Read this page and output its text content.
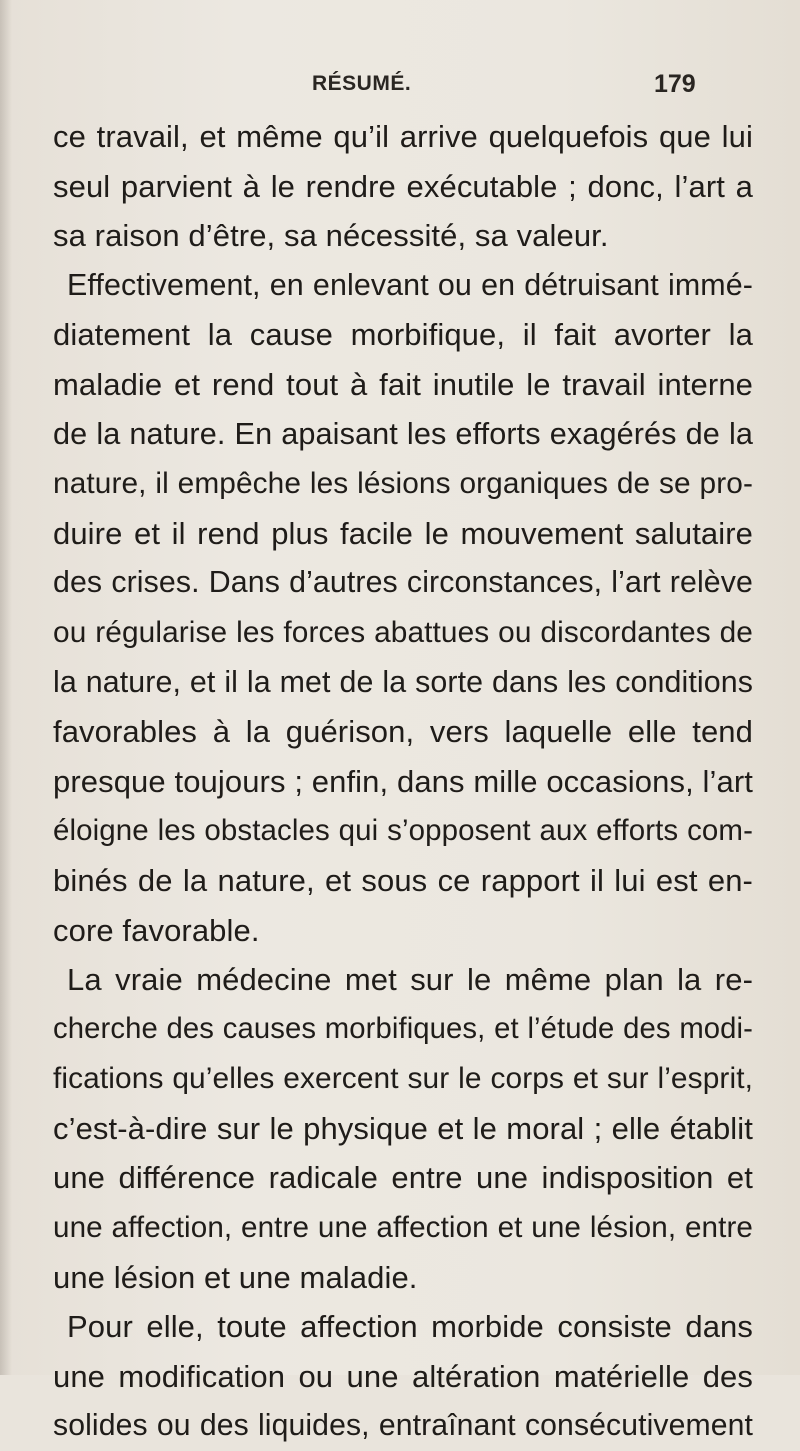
RÉSUMÉ.	179
ce travail, et même qu’il arrive quelquefois que lui
seul parvient à le rendre exécutable ; donc, l’art a
sa raison d’être, sa nécessité, sa valeur.
Effectivement, en enlevant ou en détruisant immé-
diatement la cause morbifique, il fait avorter la
maladie et rend tout à fait inutile le travail interne
de la nature. En apaisant les efforts exagérés de la
nature, il empêche les lésions organiques de se pro-
duire et il rend plus facile le mouvement salutaire
des crises. Dans d’autres circonstances, l’art relève
ou régularise les forces abattues ou discordantes de
la nature, et il la met de la sorte dans les conditions
favorables à la guérison, vers laquelle elle tend
presque toujours ; enfin, dans mille occasions, l’art
éloigne les obstacles qui s’opposent aux efforts com-
binés de la nature, et sous ce rapport il lui est en-
core favorable.
La vraie médecine met sur le même plan la re-
cherche des causes morbifiques, et l’étude des modi-
fications qu’elles exercent sur le corps et sur l’esprit,
c’est-à-dire sur le physique et le moral ; elle établit
une différence radicale entre une indisposition et
une affection, entre une affection et une lésion, entre
une lésion et une maladie.
Pour elle, toute affection morbide consiste dans
une modification ou une altération matérielle des
solides ou des liquides, entraînant consécutivement
